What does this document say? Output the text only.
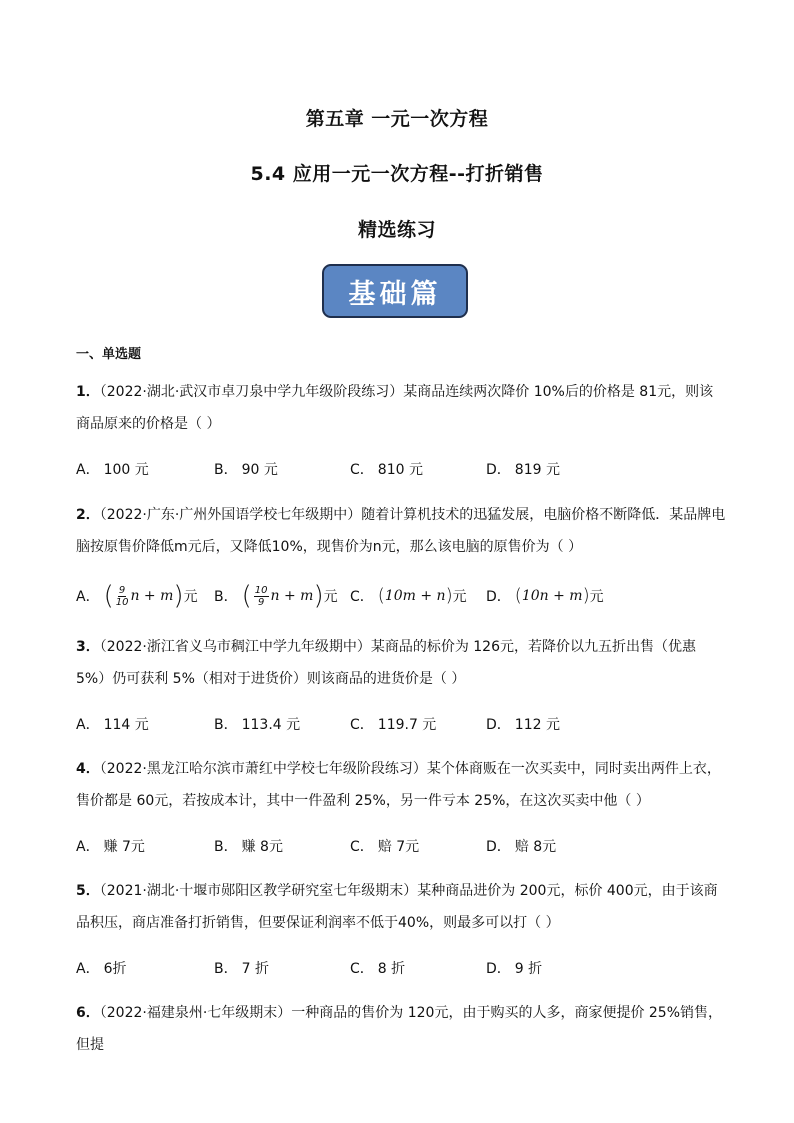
第五章 一元一次方程
5.4 应用一元一次方程--打折销售
精选练习
基础篇
一、单选题
1．（2022·湖北·武汉市卓刀泉中学九年级阶段练习）某商品连续两次降价 10%后的价格是 81元，则该商品原来的价格是（ ）
A． 100 元	B． 90 元	C． 810 元	D． 819 元
2．（2022·广东·广州外国语学校七年级期中）随着计算机技术的迅猛发展，电脑价格不断降低．某品牌电脑按原售价降低m元后，又降低10%，现售价为n元，那么该电脑的原售价为（ ）
A． ( $\frac{9}{10}$ n + m ) 元 B． ( $\frac{10}{9}$ n + m ) 元 C． ( 10m + n ) 元 D． ( 10n + m ) 元
3．（2022·浙江省义乌市稠江中学九年级期中）某商品的标价为 126元，若降价以九五折出售（优惠 5%）仍可获利 5%（相对于进货价）则该商品的进货价是（ ）
A． 114 元	B． 113.4 元	C． 119.7 元	D． 112 元
4．（2022·黑龙江哈尔滨市萧红中学校七年级阶段练习）某个体商贩在一次买卖中，同时卖出两件上衣，售价都是 60元，若按成本计，其中一件盈利 25%，另一件亏本 25%，在这次买卖中他（ ）
A． 赚 7元	B． 赚 8元	C． 赔 7元	D． 赔 8元
5．（2021·湖北·十堰市郧阳区教学研究室七年级期末）某种商品进价为 200元，标价 400元，由于该商品积压，商店准备打折销售，但要保证利润率不低于40%，则最多可以打（ ）
A． 6折	B． 7 折	C． 8 折	D． 9 折
6．（2022·福建泉州·七年级期末）一种商品的售价为 120元，由于购买的人多，商家便提价 25%销售，但提
